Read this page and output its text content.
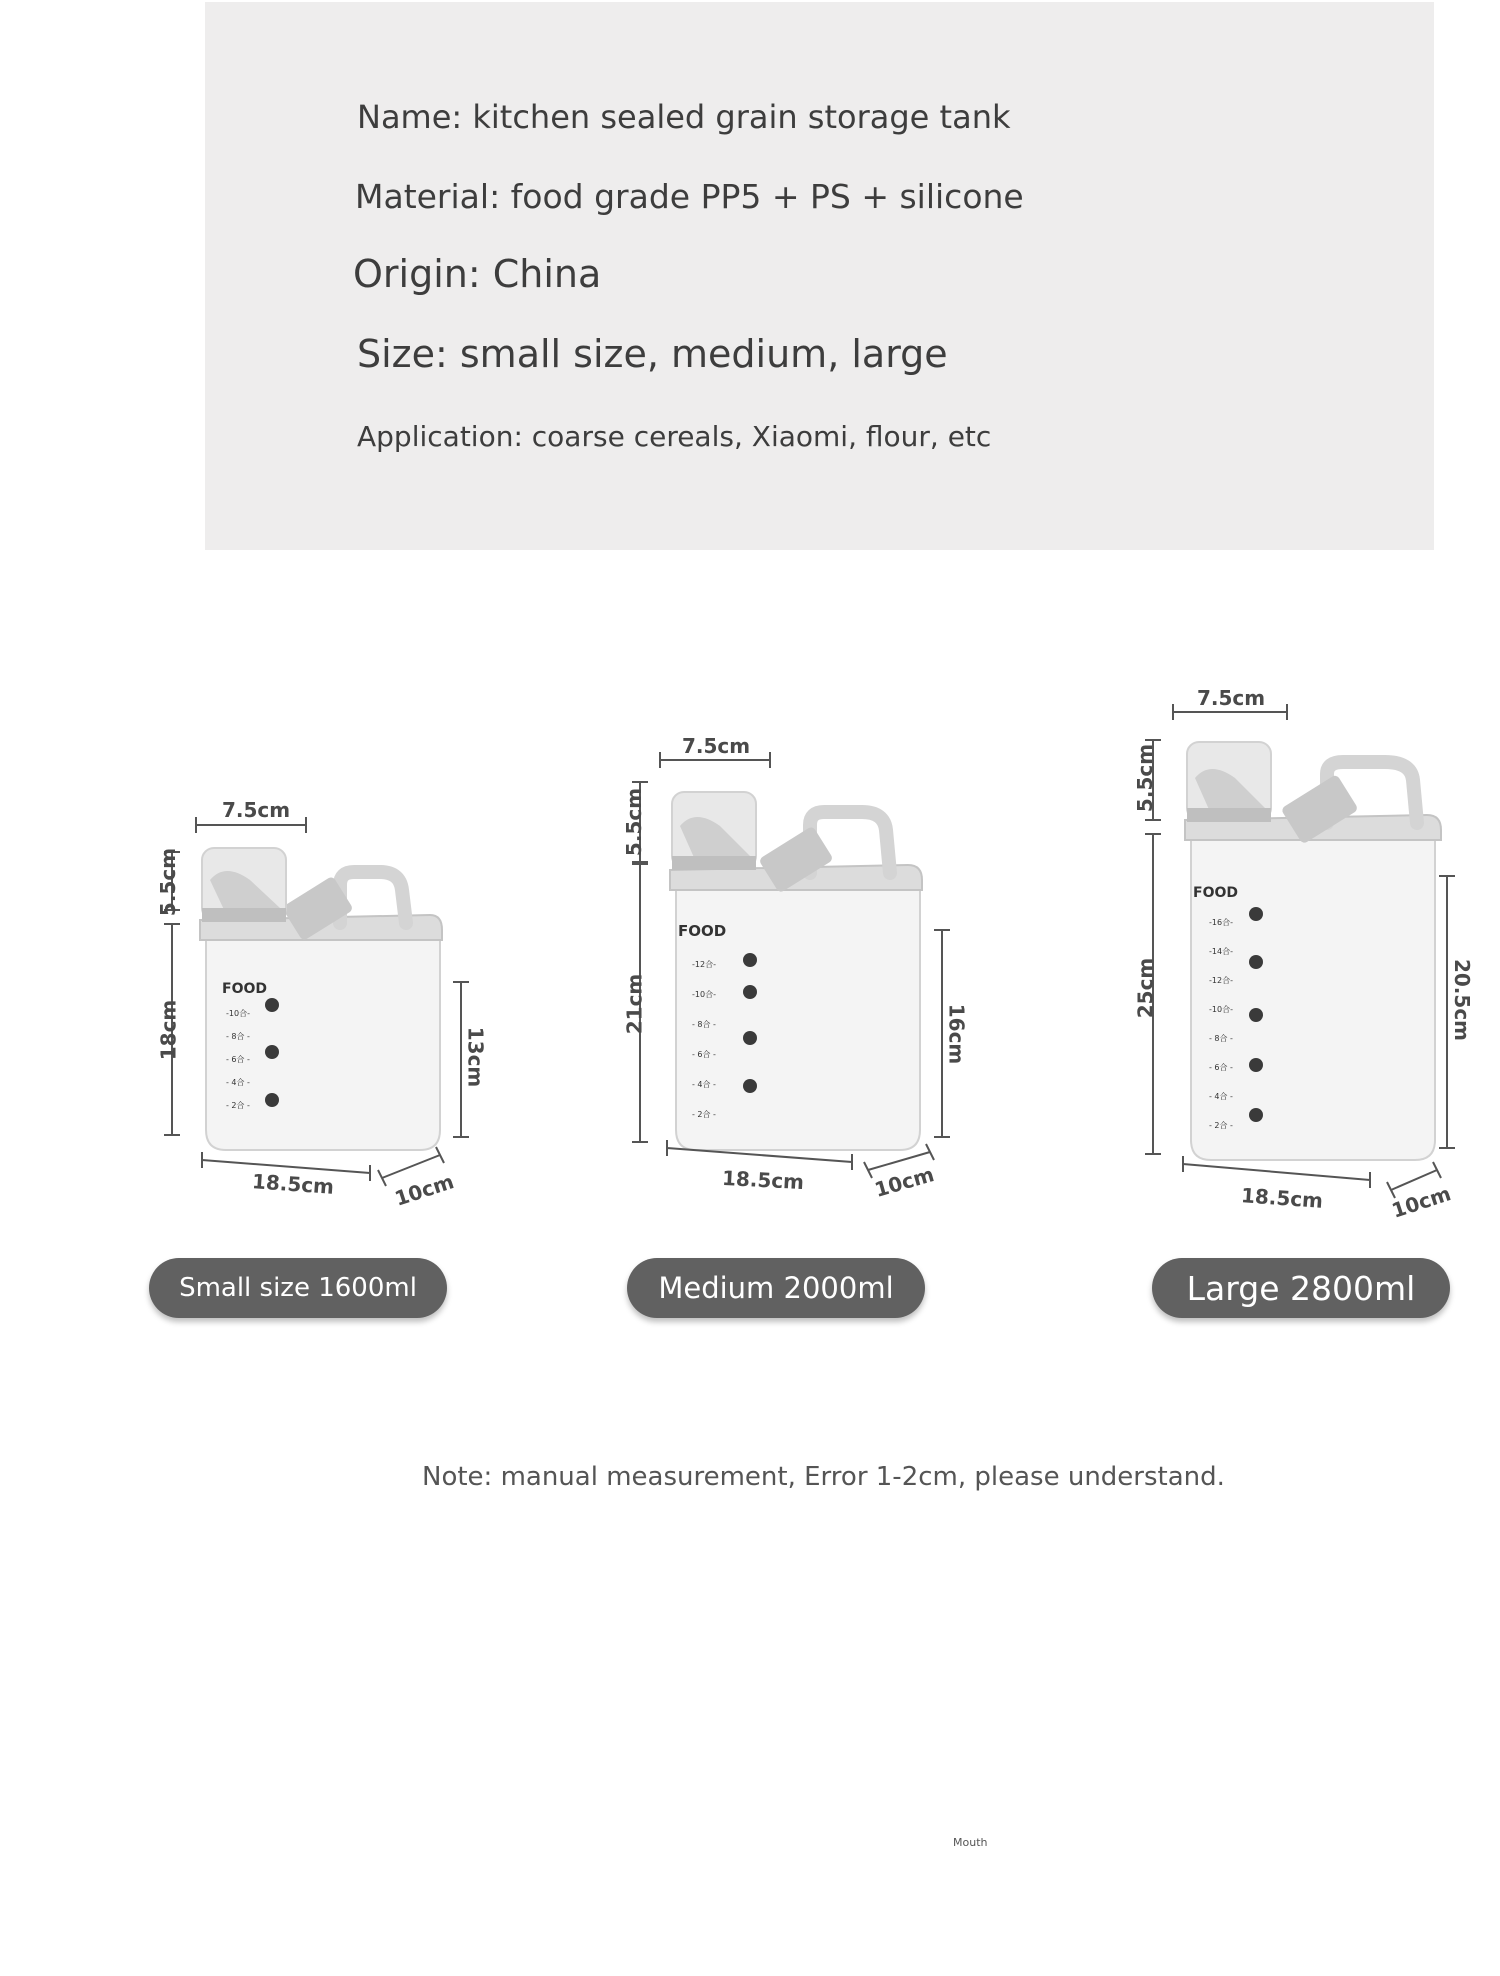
Name: kitchen sealed grain storage tank
Material: food grade PP5 + PS + silicone
Origin: China
Size: small size, medium, large
Application: coarse cereals, Xiaomi, flour, etc
FOOD
-10合-
- 8合 -
- 6合 -
- 4合 -
- 2合 -
7.5cm
5.5cm
18cm	13cm
18.5cm	10cm
FOOD
-12合-
-10合-
- 8合 -
- 6合 -
- 4合 -
- 2合 -
7.5cm
5.5cm
21cm	16cm
18.5cm	10cm
FOOD
-16合-
-14合-
-12合-
-10合-
- 8合 -
- 6合 -
- 4合 -
- 2合 -
7.5cm
5.5cm
25cm	20.5cm
18.5cm	10cm
Small size 1600ml	Medium 2000ml	Large 2800ml
Note: manual measurement, Error 1-2cm, please understand.
Mouth
